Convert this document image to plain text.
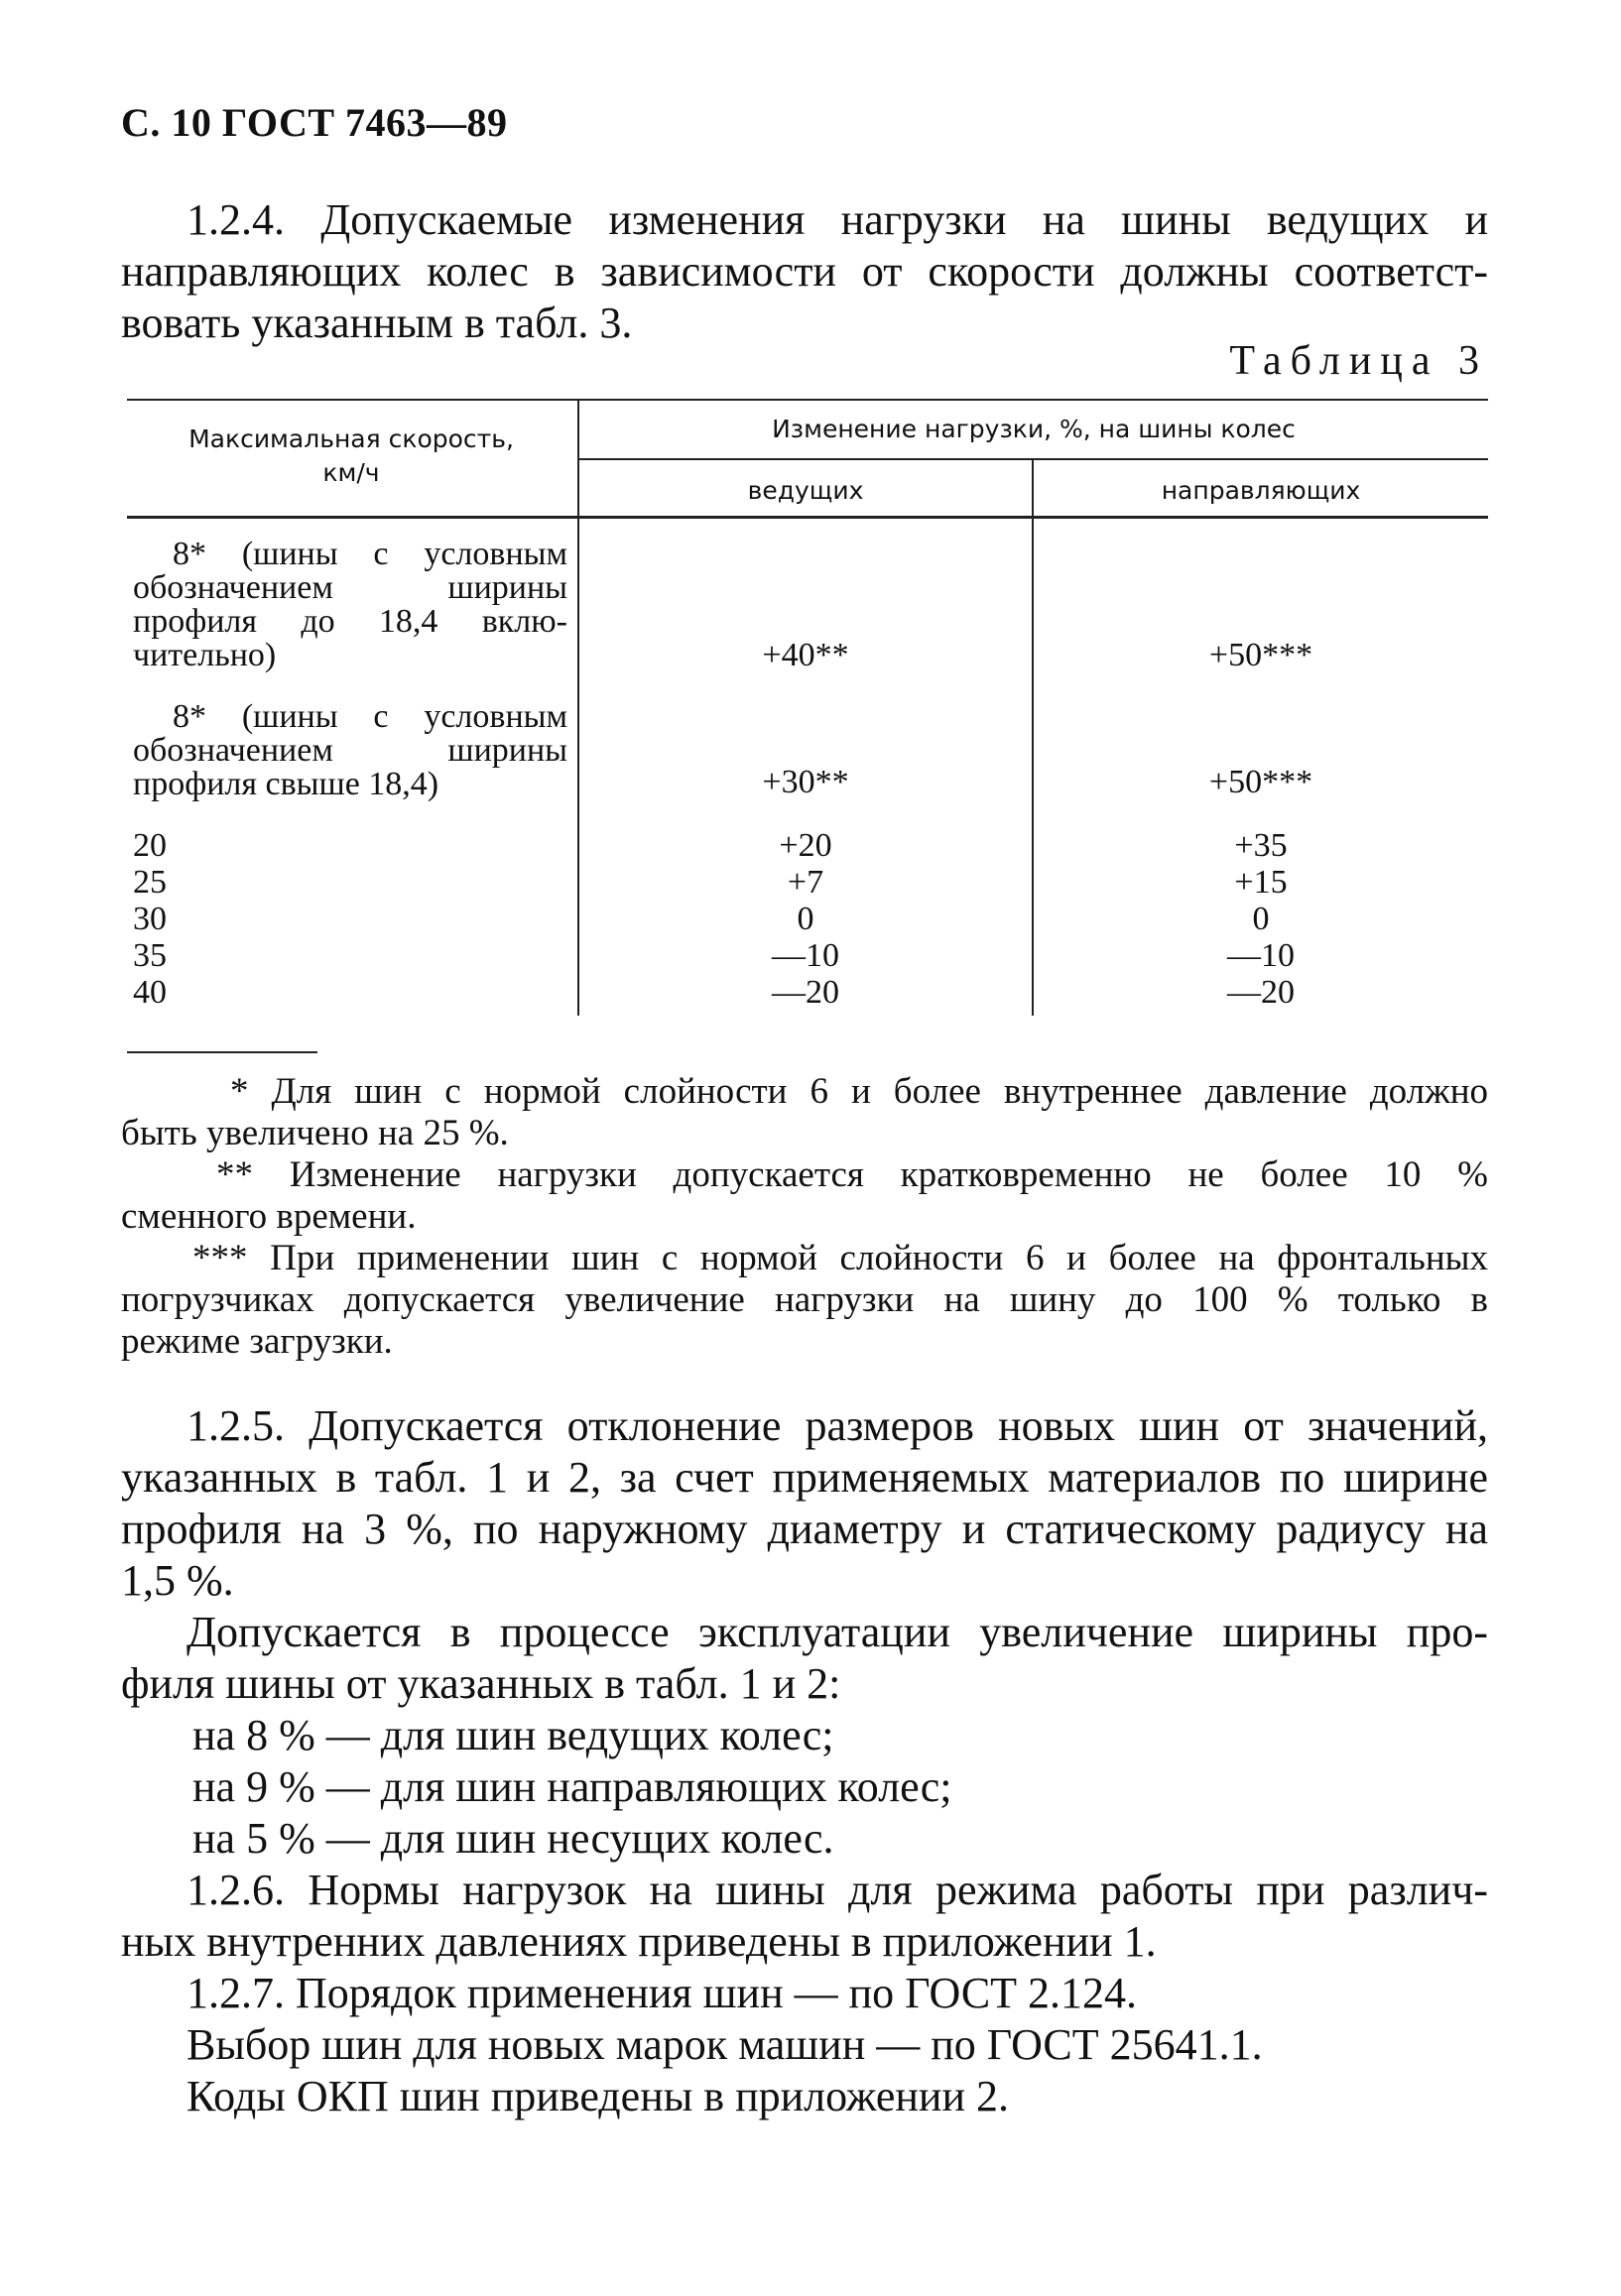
С. 10 ГОСТ 7463—89
1.2.4. Допускаемые изменения нагрузки на шины ведущих и
направляющих колес в зависимости от скорости должны соответст-
вовать указанным в табл. 3.
Таблица 3
Максимальная скорость,
км/ч
Изменение нагрузки, %, на шины колес
ведущих	направляющих
8* (шины с условным
обозначением ширины
профиля до 18,4 вклю-
чительно)	+40**	+50***
8* (шины с условным
обозначением ширины
профиля свыше 18,4)	+30**	+50***
20	+20	+35
25	+7	+15
30	0	0
35	—10	—10
40	—20	—20
* Для шин с нормой слойности 6 и более внутреннее давление должно
быть увеличено на 25 %.
** Изменение нагрузки допускается кратковременно не более 10 %
сменного времени.
*** При применении шин с нормой слойности 6 и более на фронтальных
погрузчиках допускается увеличение нагрузки на шину до 100 % только в
режиме загрузки.
1.2.5. Допускается отклонение размеров новых шин от значений,
указанных в табл. 1 и 2, за счет применяемых материалов по ширине
профиля на 3 %, по наружному диаметру и статическому радиусу на
1,5 %.
Допускается в процессе эксплуатации увеличение ширины про-
филя шины от указанных в табл. 1 и 2:
на 8 % — для шин ведущих колес;
на 9 % — для шин направляющих колес;
на 5 % — для шин несущих колес.
1.2.6. Нормы нагрузок на шины для режима работы при различ-
ных внутренних давлениях приведены в приложении 1.
1.2.7. Порядок применения шин — по ГОСТ 2.124.
Выбор шин для новых марок машин — по ГОСТ 25641.1.
Коды ОКП шин приведены в приложении 2.
